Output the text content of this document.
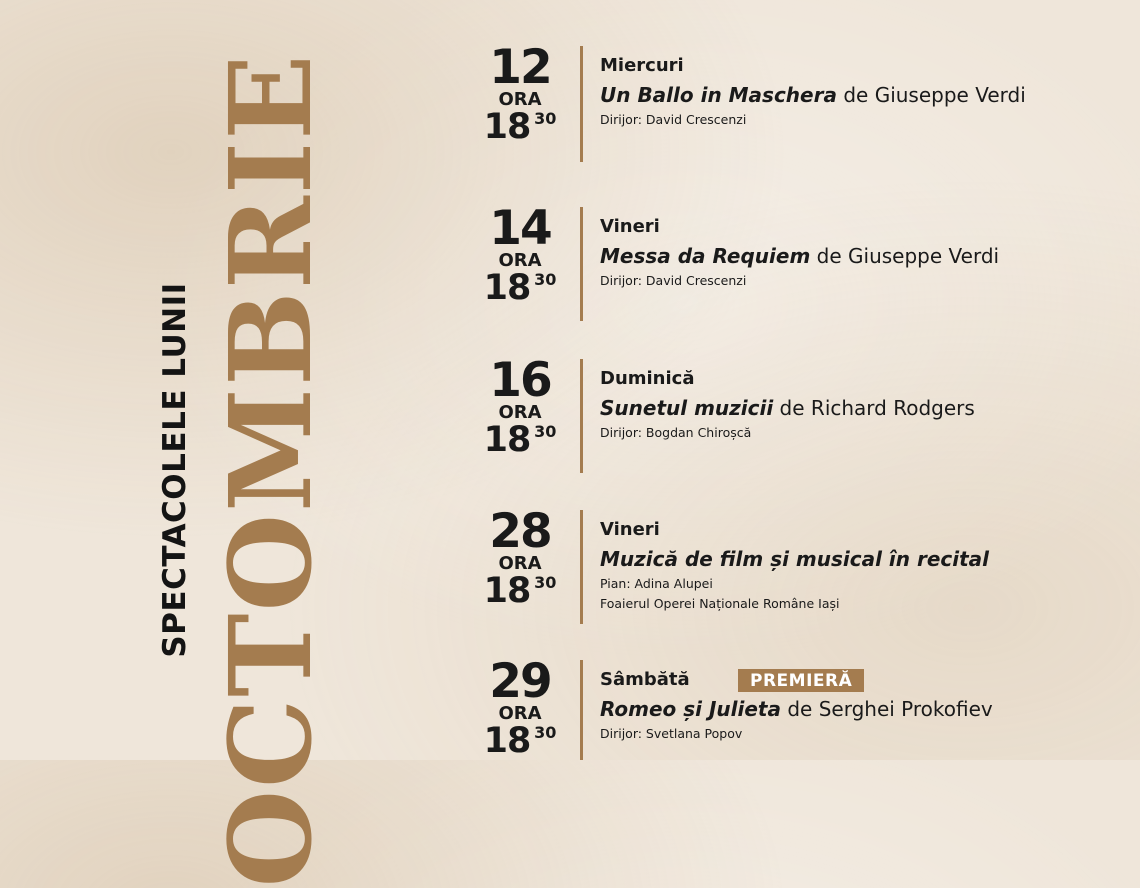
SPECTACOLELE LUNII OCTOMBRIE	12
ORA
18 30
Miercuri
Un Ballo in Maschera de Giuseppe Verdi
Dirijor: David Crescenzi
14
ORA
18 30
Vineri
Messa da Requiem de Giuseppe Verdi
Dirijor: David Crescenzi
16
ORA
18 30
Duminică
Sunetul muzicii de Richard Rodgers
Dirijor: Bogdan Chiroșcă
28
ORA
18 30
Vineri
Muzică de film și musical în recital
Pian: Adina Alupei
Foaierul Operei Naționale Române Iași
29
ORA
18 30
Sâmbătă	PREMIERĂ
Romeo și Julieta de Serghei Prokofiev
Dirijor: Svetlana Popov
